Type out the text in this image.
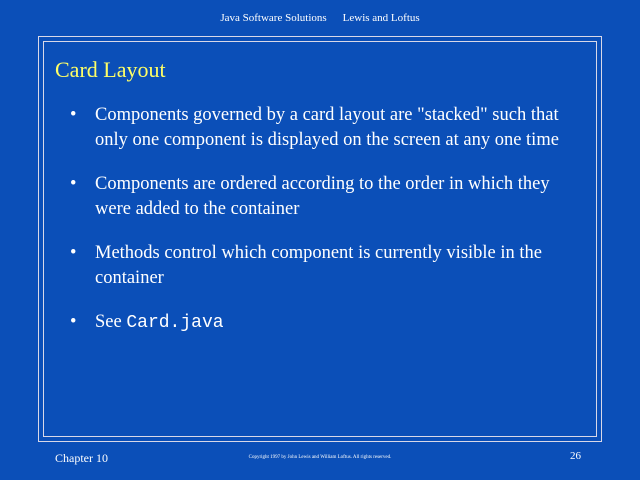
Java Software Solutions Lewis and Loftus
Card Layout
• Components governed by a card layout are "stacked" such that only one component is displayed on the screen at any one time
• Components are ordered according to the order in which they were added to the container
• Methods control which component is currently visible in the container
• See Card.java
Chapter 10	Copyright 1997 by John Lewis and William Loftus. All rights reserved.	26
